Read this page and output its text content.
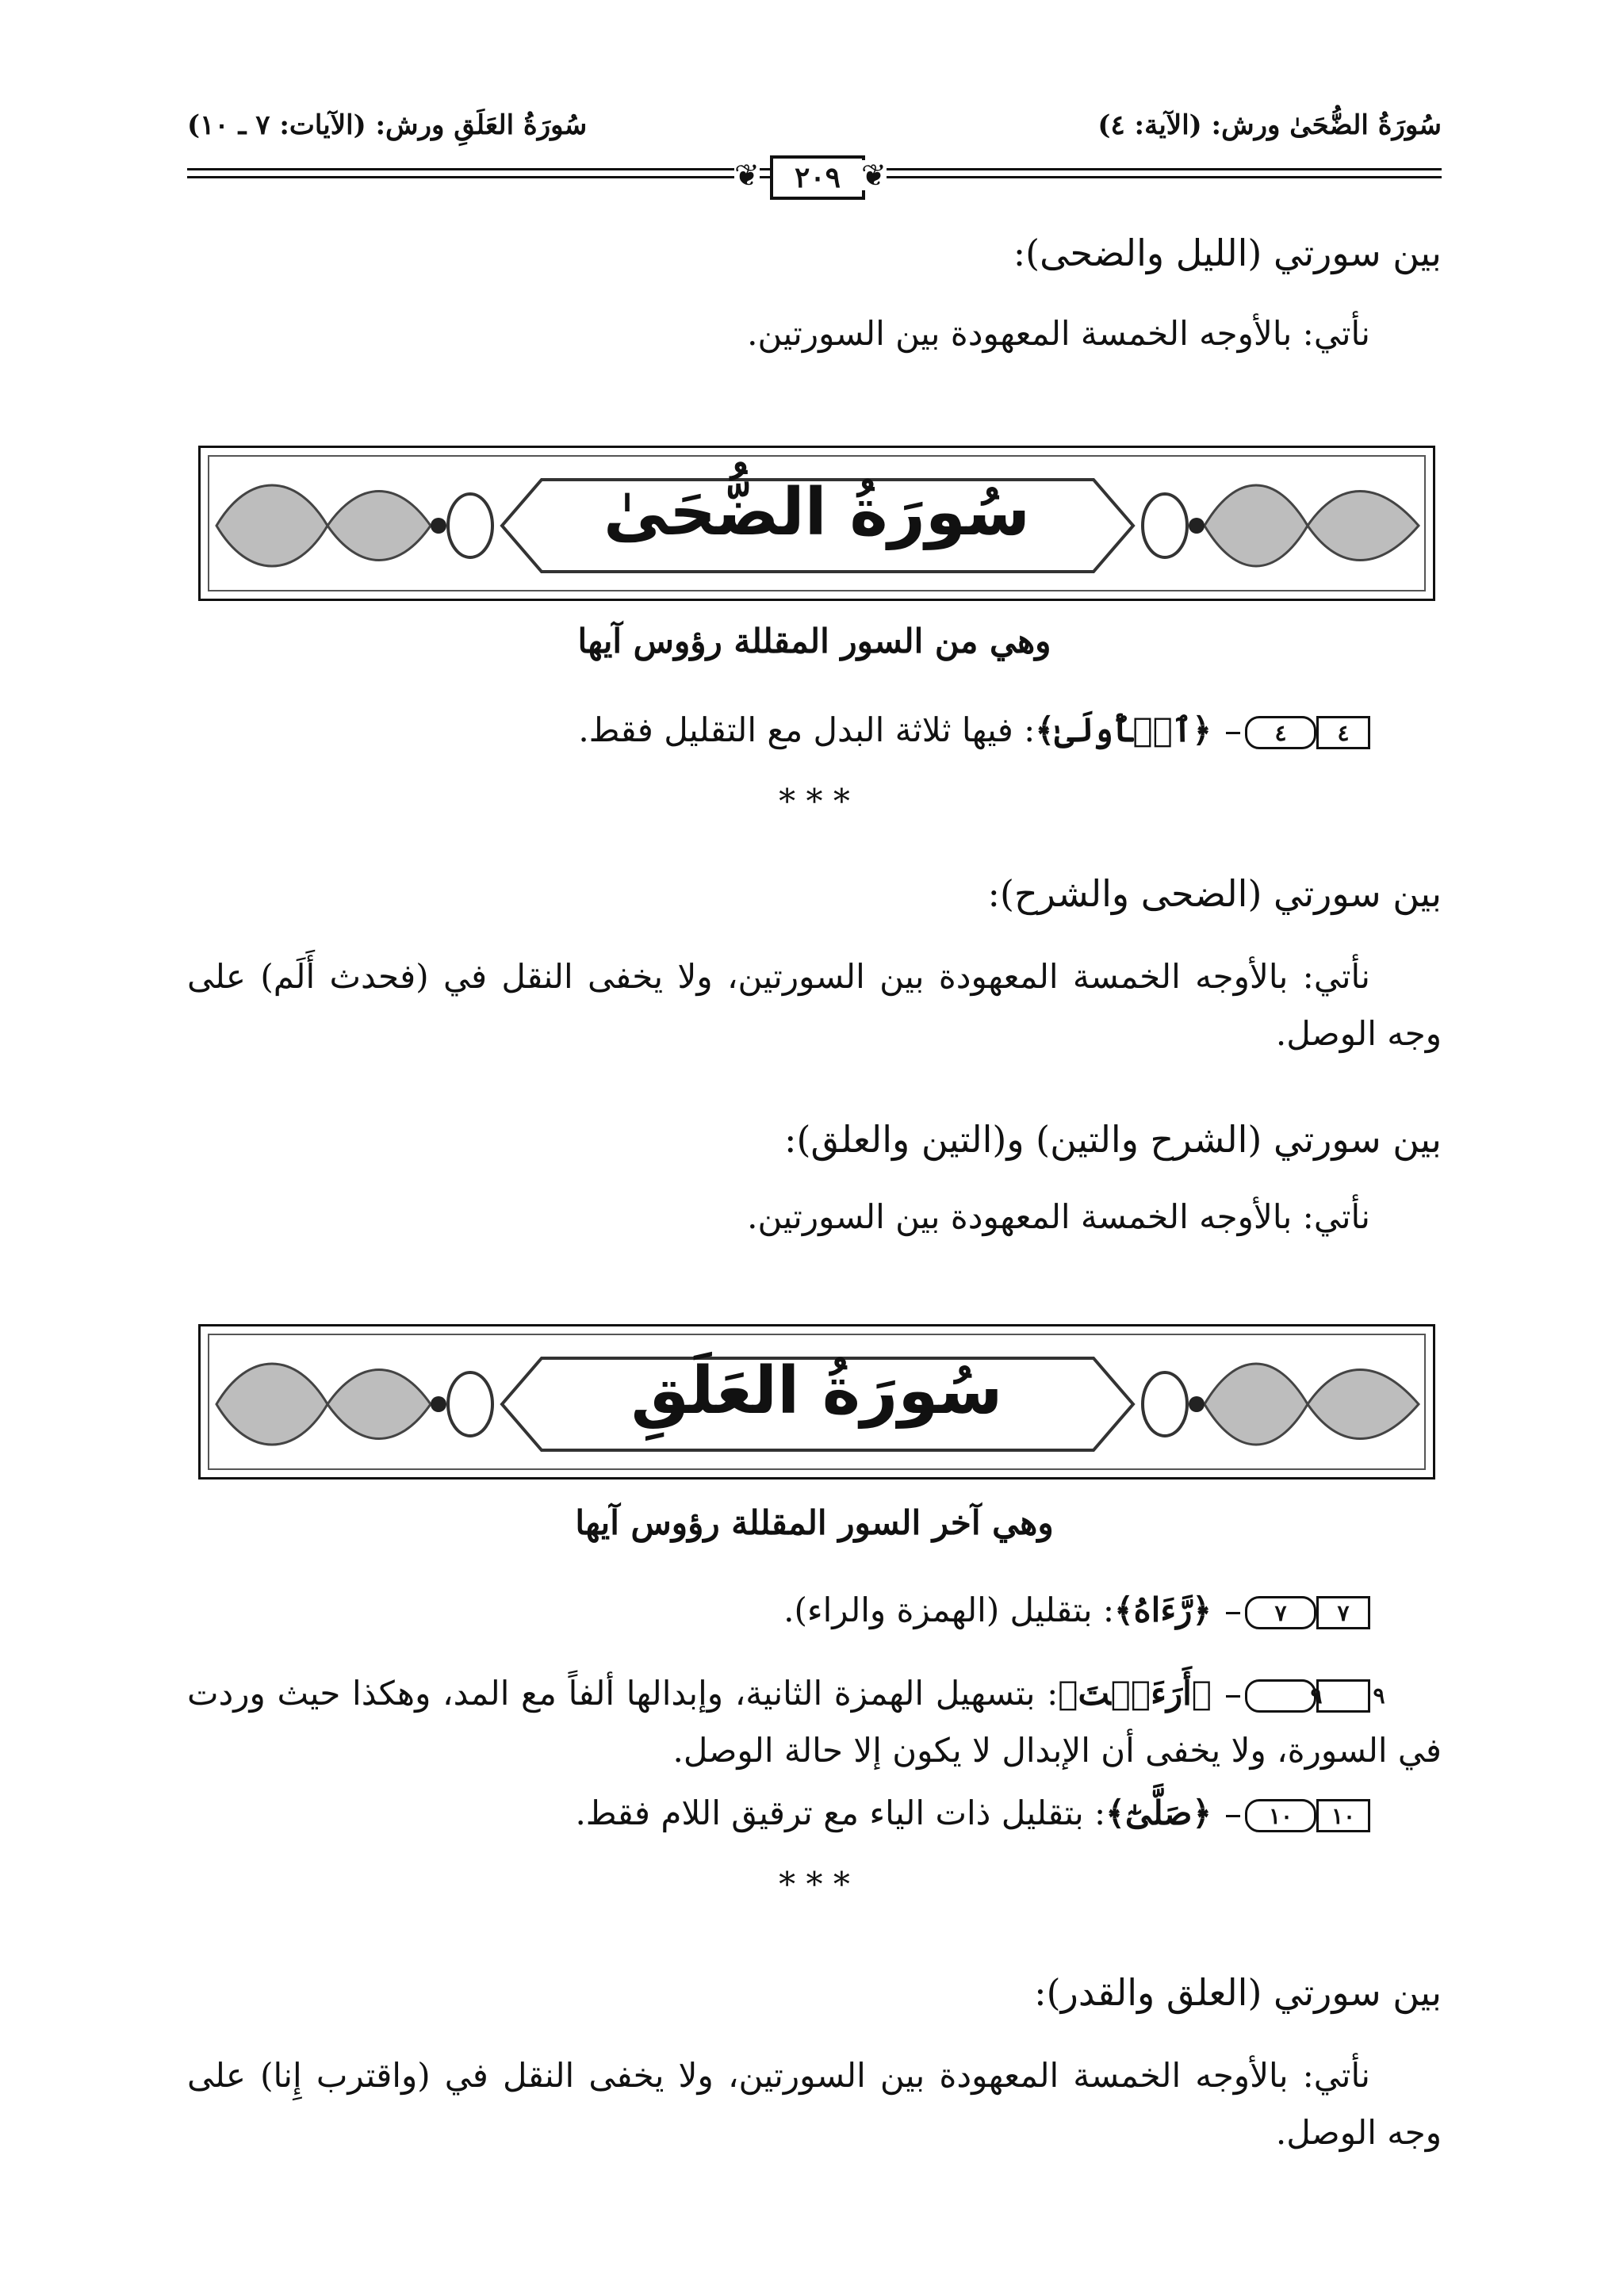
سُورَةُ العَلَقِ ورش: (الآيات: ٧ ـ ١٠)	سُورَةُ الضُّحَىٰ ورش: (الآية: ٤)
❦	٢٠٩ ❦
بين سورتي (الليل والضحى):
نأتي: بالأوجه الخمسة المعهودة بين السورتين.
سُورَةُ الضُّحَىٰ
وهي من السور المقللة رؤوس آيها
٤	٤
﴿ٱلۡأُولَىٰ﴾: فيها ثلاثة البدل مع التقليل فقط.
* * *
بين سورتي (الضحى والشرح):
نأتي: بالأوجه الخمسة المعهودة بين السورتين، ولا يخفى النقل في (فحدث أَلَم) على وجه الوصل.
بين سورتي (الشرح والتين) و(التين والعلق):
نأتي: بالأوجه الخمسة المعهودة بين السورتين.
سُورَةُ العَلَقِ
وهي آخر السور المقللة رؤوس آيها
٧	٧
﴿رَّءَاهُ﴾: بتقليل (الهمزة والراء).
٩	٩
﴿أَرَءَيۡتَ﴾: بتسهيل الهمزة الثانية، وإبدالها ألفاً مع المد، وهكذا حيث وردت في السورة، ولا يخفى أن الإبدال لا يكون إلا حالة الوصل.
١٠	١٠
﴿صَلَّىٰٓ﴾: بتقليل ذات الياء مع ترقيق اللام فقط.
* * *
بين سورتي (العلق والقدر):
نأتي: بالأوجه الخمسة المعهودة بين السورتين، ولا يخفى النقل في (واقترب إِنا) على وجه الوصل.
